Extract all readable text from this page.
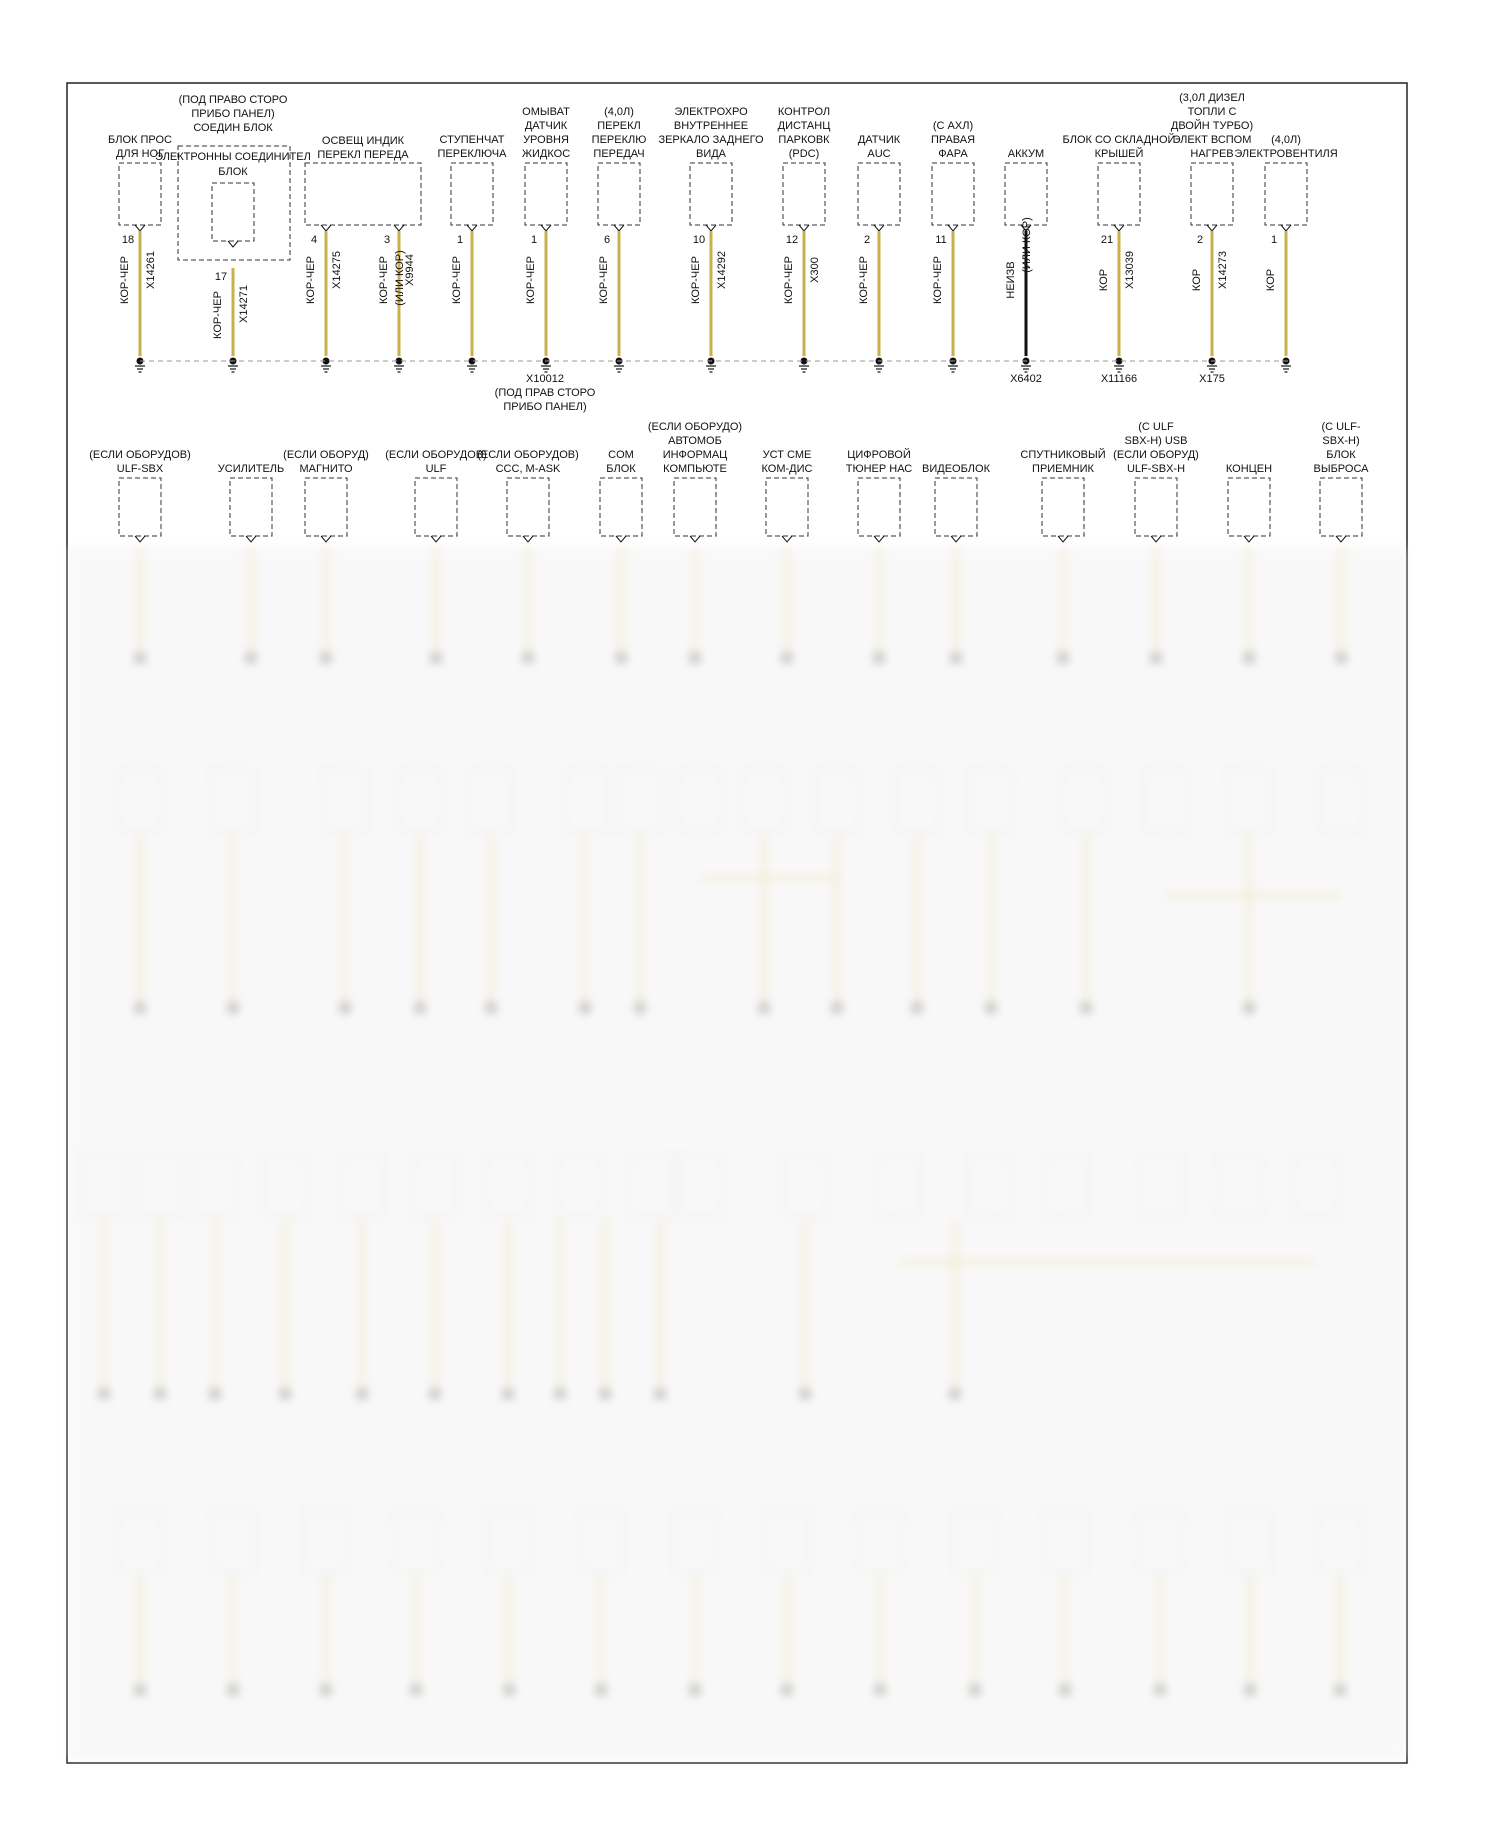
БЛОК ПРОС
ДЛЯ НОГ
18
X14261
КОР-ЧЕР
(ПОД ПРАВО СТОРО
ПРИБО ПАНЕЛ)
СОЕДИН БЛОК
ЭЛЕКТРОННЫ СОЕДИНИТЕЛ
БЛОК
17
X14271
КОР-ЧЕР
ОСВЕЩ ИНДИК
ПЕРЕКЛ ПЕРЕДА
4
X14275
КОР-ЧЕР
3
X9944
КОР-ЧЕР (ИЛИ КОР)
СТУПЕНЧАТ
ПЕРЕКЛЮЧА
1
КОР-ЧЕР
ОМЫВАТ
ДАТЧИК
УРОВНЯ
ЖИДКОС
1
КОР-ЧЕР
(4,0Л)
ПЕРЕКЛ
ПЕРЕКЛЮ
ПЕРЕДАЧ
6
КОР-ЧЕР
ЭЛЕКТРОХРО
ВНУТРЕННЕЕ
ЗЕРКАЛО ЗАДНЕГО
ВИДА
10
X14292
КОР-ЧЕР
КОНТРОЛ
ДИСТАНЦ
ПАРКОВК
(PDC)
12
X300
КОР-ЧЕР
ДАТЧИК
AUC
2
КОР-ЧЕР
(С АХЛ)
ПРАВАЯ
ФАРА
11
КОР-ЧЕР
АККУМ
НЕИЗВ
(ИЛИ КОР)
БЛОК СО СКЛАДНОЙ
КРЫШЕЙ
21
X13039
КОР
(3,0Л ДИЗЕЛ
ТОПЛИ С
ДВОЙН ТУРБО)
ЭЛЕКТ ВСПОМ
НАГРЕВ
2
X14273
КОР
(4,0Л)
ЭЛЕКТРОВЕНТИЛЯ
1
КОР
X10012
(ПОД ПРАВ СТОРО
ПРИБО ПАНЕЛ)
X6402	X11166	X175
(ЕСЛИ ОБОРУДОВ)
ULF-SBX	УСИЛИТЕЛЬ
(ЕСЛИ ОБОРУД)
МАГНИТО
(ЕСЛИ ОБОРУДОВ)
ULF
(ЕСЛИ ОБОРУДОВ)
CCC, M-ASK
COM
БЛОК
(ЕСЛИ ОБОРУДО)
АВТОМОБ
ИНФОРМАЦ
КОМПЬЮТЕ
УСТ СМЕ
КОМ-ДИС
ЦИФРОВОЙ
ТЮНЕР НАС ВИДЕОБЛОК
СПУТНИКОВЫЙ
ПРИЕМНИК
(С ULF
SBX-H) USB
(ЕСЛИ ОБОРУД)
ULF-SBX-H	КОНЦЕН
(С ULF-
SBX-H)
БЛОК
ВЫБРОСА
